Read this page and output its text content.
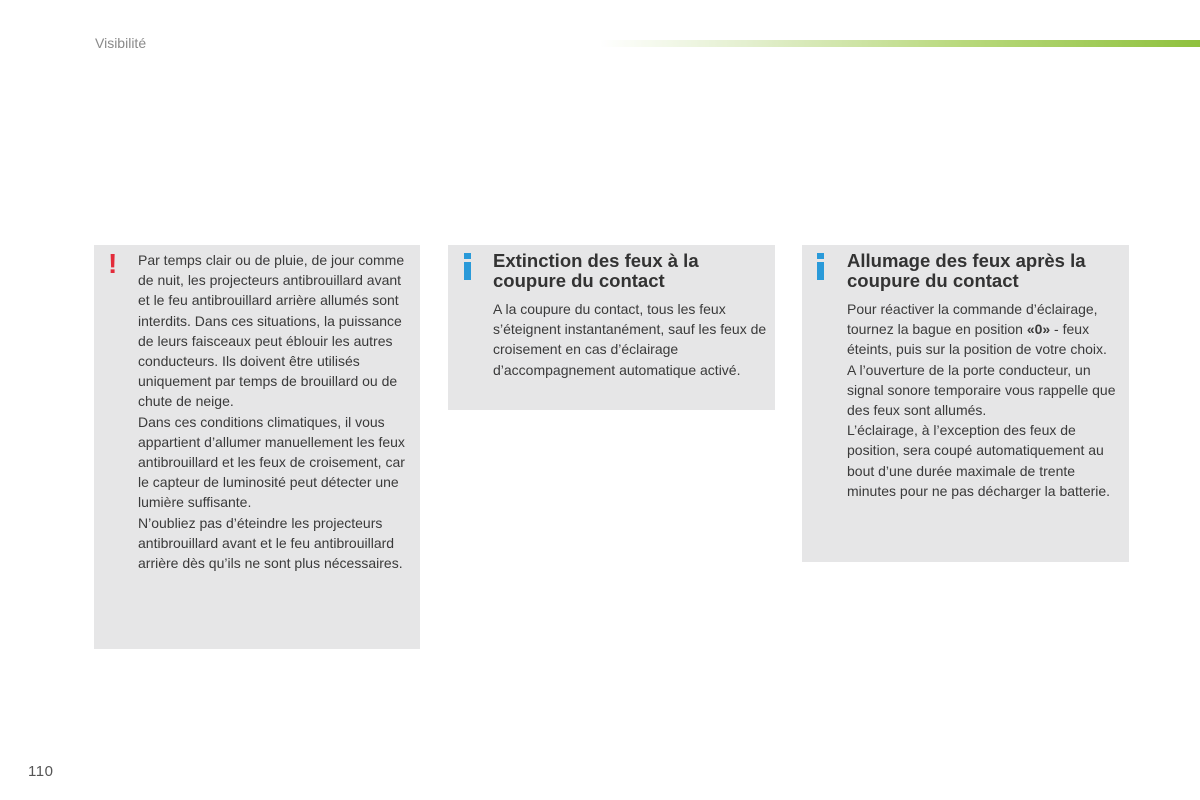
Visibilité

Par temps clair ou de pluie, de jour comme de nuit, les projecteurs antibrouillard avant et le feu antibrouillard arrière allumés sont interdits. Dans ces situations, la puissance de leurs faisceaux peut éblouir les autres conducteurs. Ils doivent être utilisés uniquement par temps de brouillard ou de chute de neige.

Dans ces conditions climatiques, il vous appartient d’allumer manuellement les feux antibrouillard et les feux de croisement, car le capteur de luminosité peut détecter une lumière suffisante.

N’oubliez pas d’éteindre les projecteurs antibrouillard avant et le feu antibrouillard arrière dès qu’ils ne sont plus nécessaires.

!	Extinction des feux à la coupure du contact

A la coupure du contact, tous les feux s’éteignent instantanément, sauf les feux de croisement en cas d’éclairage d’accompagnement automatique activé.

Allumage des feux après la coupure du contact

Pour réactiver la commande d’éclairage, tournez la bague en position «0» - feux éteints, puis sur la position de votre choix.

A l’ouverture de la porte conducteur, un signal sonore temporaire vous rappelle que des feux sont allumés.

L’éclairage, à l’exception des feux de position, sera coupé automatiquement au bout d’une durée maximale de trente minutes pour ne pas décharger la batterie.

110
